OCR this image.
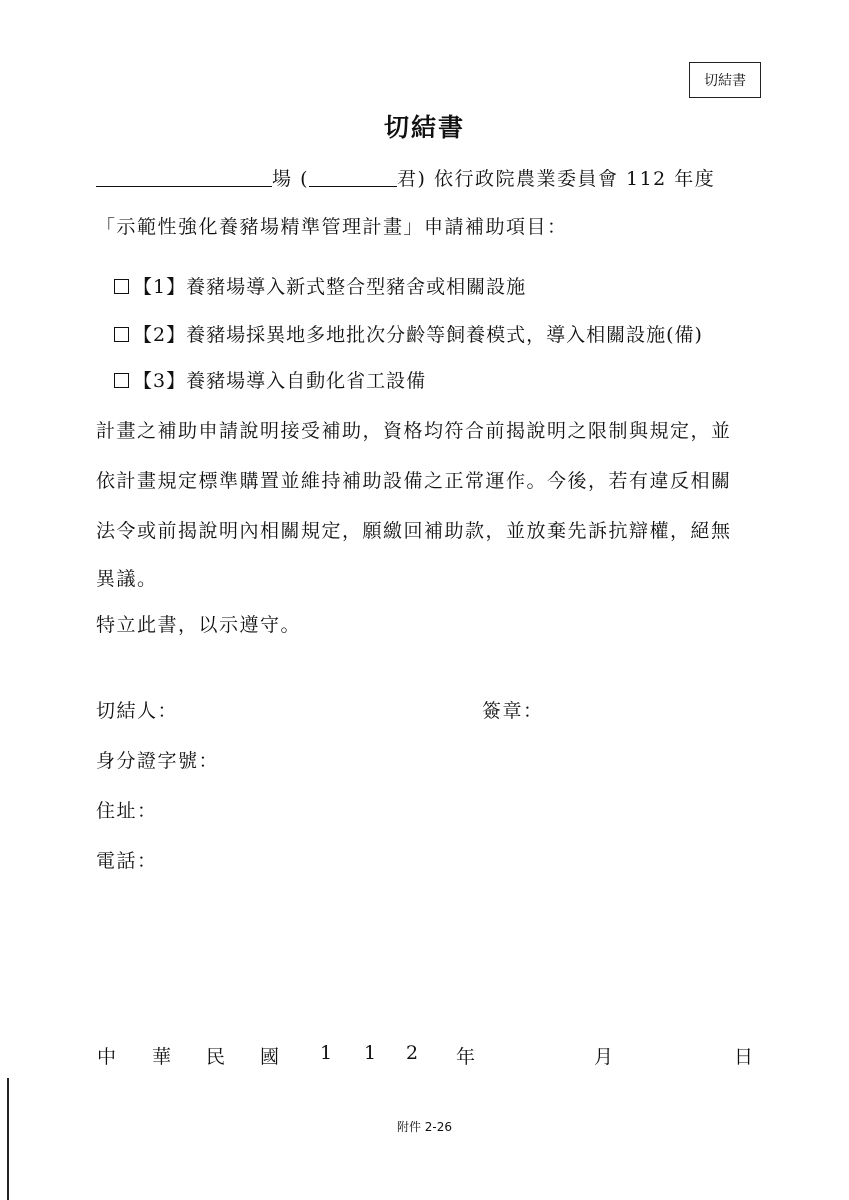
切結書
切結書
場 (	君) 依行政院農業委員會 112 年度
「示範性強化養豬場精準管理計畫」申請補助項目：
【1】養豬場導入新式整合型豬舍或相關設施
【2】養豬場採異地多地批次分齡等飼養模式，導入相關設施(備)
【3】養豬場導入自動化省工設備
計畫之補助申請說明接受補助，資格均符合前揭說明之限制與規定，並
依計畫規定標準購置並維持補助設備之正常運作。今後，若有違反相關
法令或前揭說明內相關規定，願繳回補助款，並放棄先訴抗辯權，絕無
異議。
特立此書，以示遵守。
切結人：	簽章：
身分證字號：
住址：
電話：
中 華 民 國 1 1 2 年	月	日
附件 2-26
